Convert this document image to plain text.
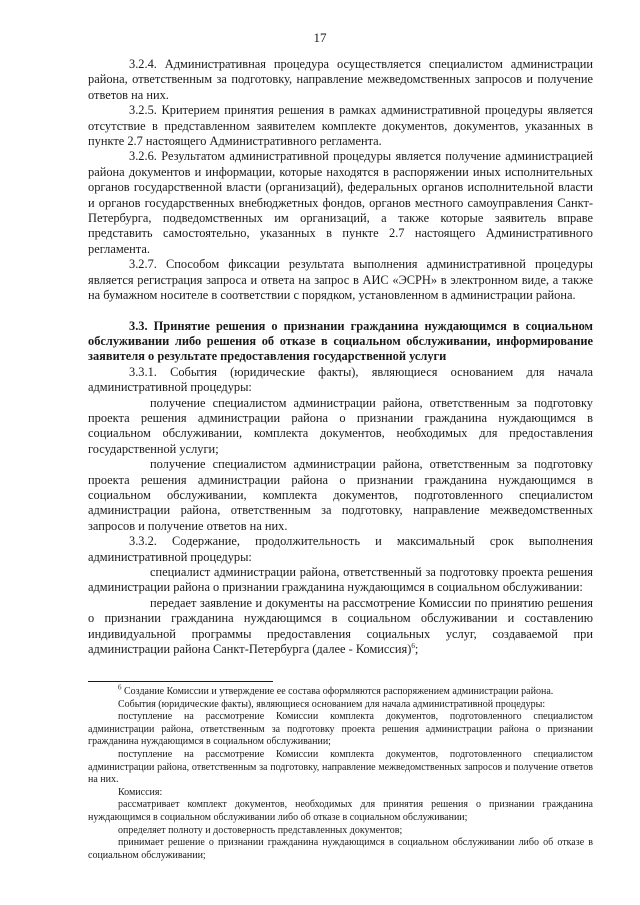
17

3.2.4. Административная процедура осуществляется специалистом администрации района, ответственным за подготовку, направление межведомственных запросов и получение ответов на них.

3.2.5. Критерием принятия решения в рамках административной процедуры является отсутствие в представленном заявителем комплекте документов, документов, указанных в пункте 2.7 настоящего Административного регламента.

3.2.6. Результатом административной процедуры является получение администрацией района документов и информации, которые находятся в распоряжении иных исполнительных органов государственной власти (организаций), федеральных органов исполнительной власти и органов государственных внебюджетных фондов, органов местного самоуправления Санкт-Петербурга, подведомственных им организаций, а также которые заявитель вправе представить самостоятельно, указанных в пункте 2.7 настоящего Административного регламента.

3.2.7. Способом фиксации результата выполнения административной процедуры является регистрация запроса и ответа на запрос в АИС «ЭСРН» в электронном виде, а также на бумажном носителе в соответствии с порядком, установленном в администрации района.

3.3. Принятие решения о признании гражданина нуждающимся в социальном обслуживании либо решения об отказе в социальном обслуживании, информирование заявителя о результате предоставления государственной услуги

3.3.1. События (юридические факты), являющиеся основанием для начала административной процедуры:

получение специалистом администрации района, ответственным за подготовку проекта решения администрации района о признании гражданина нуждающимся в социальном обслуживании, комплекта документов, необходимых для предоставления государственной услуги;

получение специалистом администрации района, ответственным за подготовку проекта решения администрации района о признании гражданина нуждающимся в социальном обслуживании, комплекта документов, подготовленного специалистом администрации района, ответственным за подготовку, направление межведомственных запросов и получение ответов на них.

3.3.2. Содержание, продолжительность и максимальный срок выполнения административной процедуры:

специалист администрации района, ответственный за подготовку проекта решения администрации района о признании гражданина нуждающимся в социальном обслуживании:

передает заявление и документы на рассмотрение Комиссии по принятию решения о признании гражданина нуждающимся в социальном обслуживании и составлению индивидуальной программы предоставления социальных услуг, создаваемой при администрации района Санкт-Петербурга (далее - Комиссия)$^6$;

$^6$ Создание Комиссии и утверждение ее состава оформляются распоряжением администрации района.

События (юридические факты), являющиеся основанием для начала административной процедуры:

поступление на рассмотрение Комиссии комплекта документов, подготовленного специалистом администрации района, ответственным за подготовку проекта решения администрации района о признании гражданина нуждающимся в социальном обслуживании;

поступление на рассмотрение Комиссии комплекта документов, подготовленного специалистом администрации района, ответственным за подготовку, направление межведомственных запросов и получение ответов на них.

Комиссия:

рассматривает комплект документов, необходимых для принятия решения о признании гражданина нуждающимся в социальном обслуживании либо об отказе в социальном обслуживании;

определяет полноту и достоверность представленных документов;

принимает решение о признании гражданина нуждающимся в социальном обслуживании либо об отказе в социальном обслуживании;
